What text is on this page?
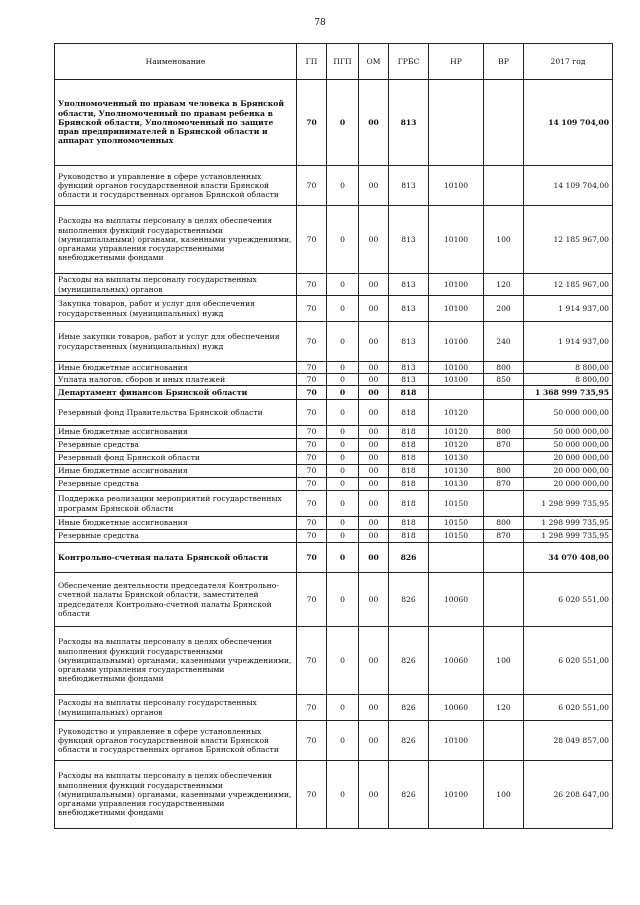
78
Наименование	ГП	ПГП	ОМ	ГРБС	НР	ВР	2017 год
Уполномоченный по правам человека в Брянской области, Уполномоченный по правам ребенка в Брянской области, Уполномоченный по защите прав предпринимателей в Брянской области и аппарат уполномоченных	70	0	00	813			14 109 704,00
Руководство и управление в сфере установленных функций органов государственной власти Брянской области и государственных органов Брянской области	70	0	00	813	10100		14 109 704,00
Расходы на выплаты персоналу в целях обеспечения выполнения функций государственными (муниципальными) органами, казенными учреждениями, органами управления государственными внебюджетными фондами	70	0	00	813	10100	100	12 185 967,00
Расходы на выплаты персоналу государственных (муниципальных) органов	70	0	00	813	10100	120	12 185 967,00
Закупка товаров, работ и услуг для обеспечения государственных (муниципальных) нужд	70	0	00	813	10100	200	1 914 937,00
Иные закупки товаров, работ и услуг для обеспечения государственных (муниципальных) нужд	70	0	00	813	10100	240	1 914 937,00
Иные бюджетные ассигнования	70	0	00	813	10100	800	8 800,00
Уплата налогов, сборов и иных платежей	70	0	00	813	10100	850	8 800,00
Департамент финансов Брянской области	70	0	00	818			1 368 999 735,95
Резервный фонд Правительства Брянской области	70	0	00	818	10120		50 000 000,00
Иные бюджетные ассигнования	70	0	00	818	10120	800	50 000 000,00
Резервные средства	70	0	00	818	10120	870	50 000 000,00
Резервный фонд Брянской области	70	0	00	818	10130		20 000 000,00
Иные бюджетные ассигнования	70	0	00	818	10130	800	20 000 000,00
Резервные средства	70	0	00	818	10130	870	20 000 000,00
Поддержка реализации мероприятий государственных программ Брянской области	70	0	00	818	10150		1 298 999 735,95
Иные бюджетные ассигнования	70	0	00	818	10150	800	1 298 999 735,95
Резервные средства	70	0	00	818	10150	870	1 298 999 735,95
Контрольно-счетная палата Брянской области	70	0	00	826			34 070 408,00
Обеспечение деятельности председателя Контрольно-счетной палаты Брянской области, заместителей председателя Контрольно-счетной палаты Брянской области	70	0	00	826	10060		6 020 551,00
Расходы на выплаты персоналу в целях обеспечения выполнения функций государственными (муниципальными) органами, казенными учреждениями, органами управления государственными внебюджетными фондами	70	0	00	826	10060	100	6 020 551,00
Расходы на выплаты персоналу государственных (муниципальных) органов	70	0	00	826	10060	120	6 020 551,00
Руководство и управление в сфере установленных функций органов государственной власти Брянской области и государственных органов Брянской области	70	0	00	826	10100		28 049 857,00
Расходы на выплаты персоналу в целях обеспечения выполнения функций государственными (муниципальными) органами, казенными учреждениями, органами управления государственными внебюджетными фондами	70	0	00	826	10100	100	26 208 647,00
